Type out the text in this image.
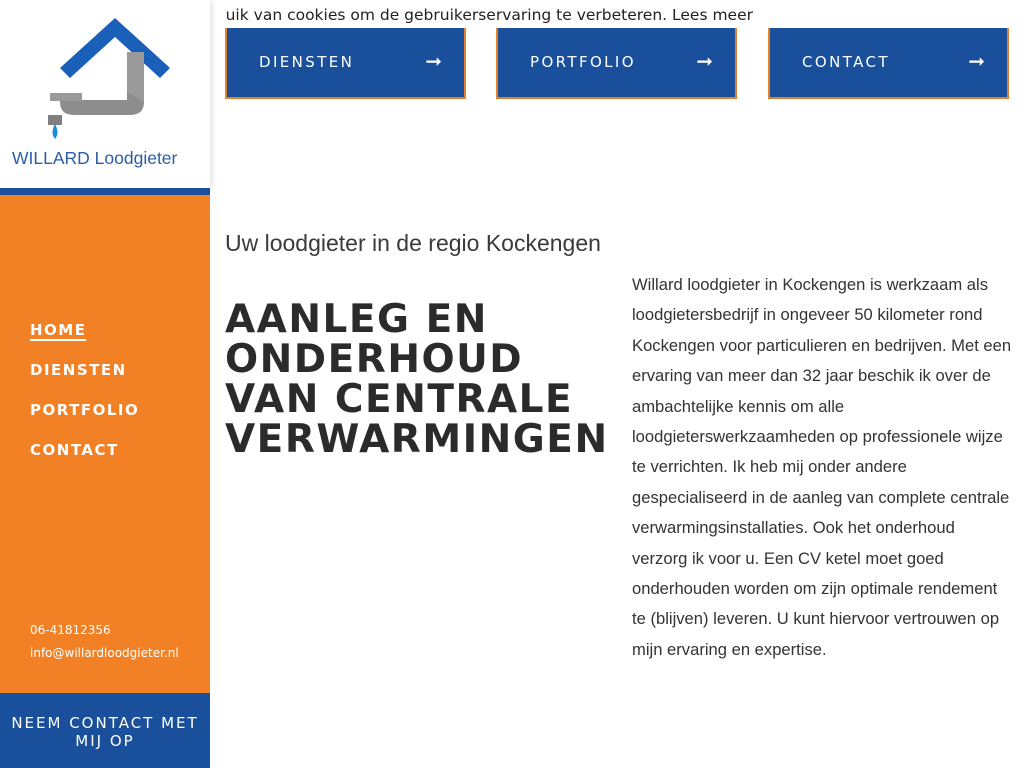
uik van cookies om de gebruikerservaring te verbeteren. Lees meer
DIENSTEN	➞	PORTFOLIO	➞	CONTACT	➞
WILLARD Loodgieter
HOME
DIENSTEN
PORTFOLIO
CONTACT
06-41812356
info@willardloodgieter.nl
NEEM CONTACT MET MIJ OP
Uw loodgieter in de regio Kockengen
AANLEG EN ONDERHOUD VAN CENTRALE VERWARMINGEN
Willard loodgieter in Kockengen is werkzaam als loodgietersbedrijf in ongeveer 50 kilometer rond Kockengen voor particulieren en bedrijven. Met een ervaring van meer dan 32 jaar beschik ik over de ambachtelijke kennis om alle loodgieterswerkzaamheden op professionele wijze te verrichten. Ik heb mij onder andere gespecialiseerd in de aanleg van complete centrale verwarmingsinstallaties. Ook het onderhoud verzorg ik voor u. Een CV ketel moet goed onderhouden worden om zijn optimale rendement te (blijven) leveren. U kunt hiervoor vertrouwen op mijn ervaring en expertise.
